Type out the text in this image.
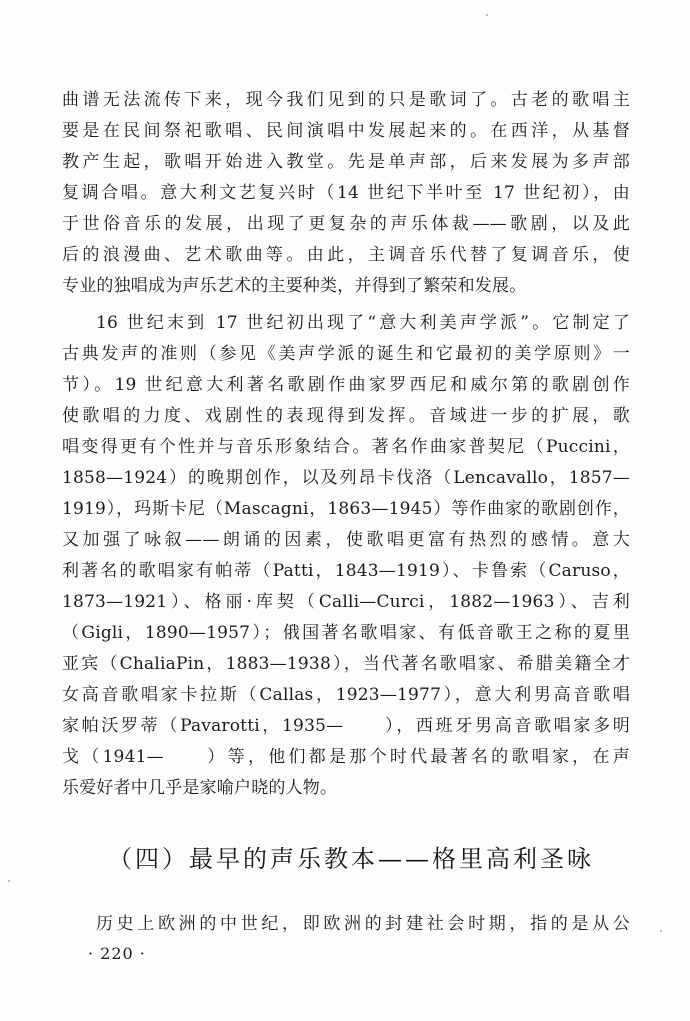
曲谱无法流传下来，现今我们见到的只是歌词了。古老的歌唱主
要是在民间祭祀歌唱、民间演唱中发展起来的。在西洋，从基督
教产生起，歌唱开始进入教堂。先是单声部，后来发展为多声部
复调合唱。意大利文艺复兴时（14 世纪下半叶至 17 世纪初），由
于世俗音乐的发展，出现了更复杂的声乐体裁——歌剧，以及此
后的浪漫曲、艺术歌曲等。由此，主调音乐代替了复调音乐，使
专业的独唱成为声乐艺术的主要种类，并得到了繁荣和发展。
16 世纪末到 17 世纪初出现了“意大利美声学派”。它制定了
古典发声的准则（参见《美声学派的诞生和它最初的美学原则》一
节）。19 世纪意大利著名歌剧作曲家罗西尼和威尔第的歌剧创作
使歌唱的力度、戏剧性的表现得到发挥。音域进一步的扩展，歌
唱变得更有个性并与音乐形象结合。著名作曲家普契尼（Puccini，
1858—1924）的晚期创作，以及列昂卡伐洛（Lencavallo，1857—
1919），玛斯卡尼（Mascagni，1863—1945）等作曲家的歌剧创作，
又加强了咏叙——朗诵的因素，使歌唱更富有热烈的感情。意大
利著名的歌唱家有帕蒂（Patti，1843—1919）、卡鲁索（Caruso，
1873—1921）、格丽·库契（Calli—Curci，1882—1963）、吉利
（Gigli，1890—1957）；俄国著名歌唱家、有低音歌王之称的夏里
亚宾（ChaliaPin，1883—1938），当代著名歌唱家、希腊美籍全才
女高音歌唱家卡拉斯（Callas，1923—1977），意大利男高音歌唱
家帕沃罗蒂（Pavarotti，1935—　　），西班牙男高音歌唱家多明
戈（1941—　　）等，他们都是那个时代最著名的歌唱家，在声
乐爱好者中几乎是家喻户晓的人物。
（四）最早的声乐教本——格里高利圣咏
历史上欧洲的中世纪，即欧洲的封建社会时期，指的是从公
· 220 ·
